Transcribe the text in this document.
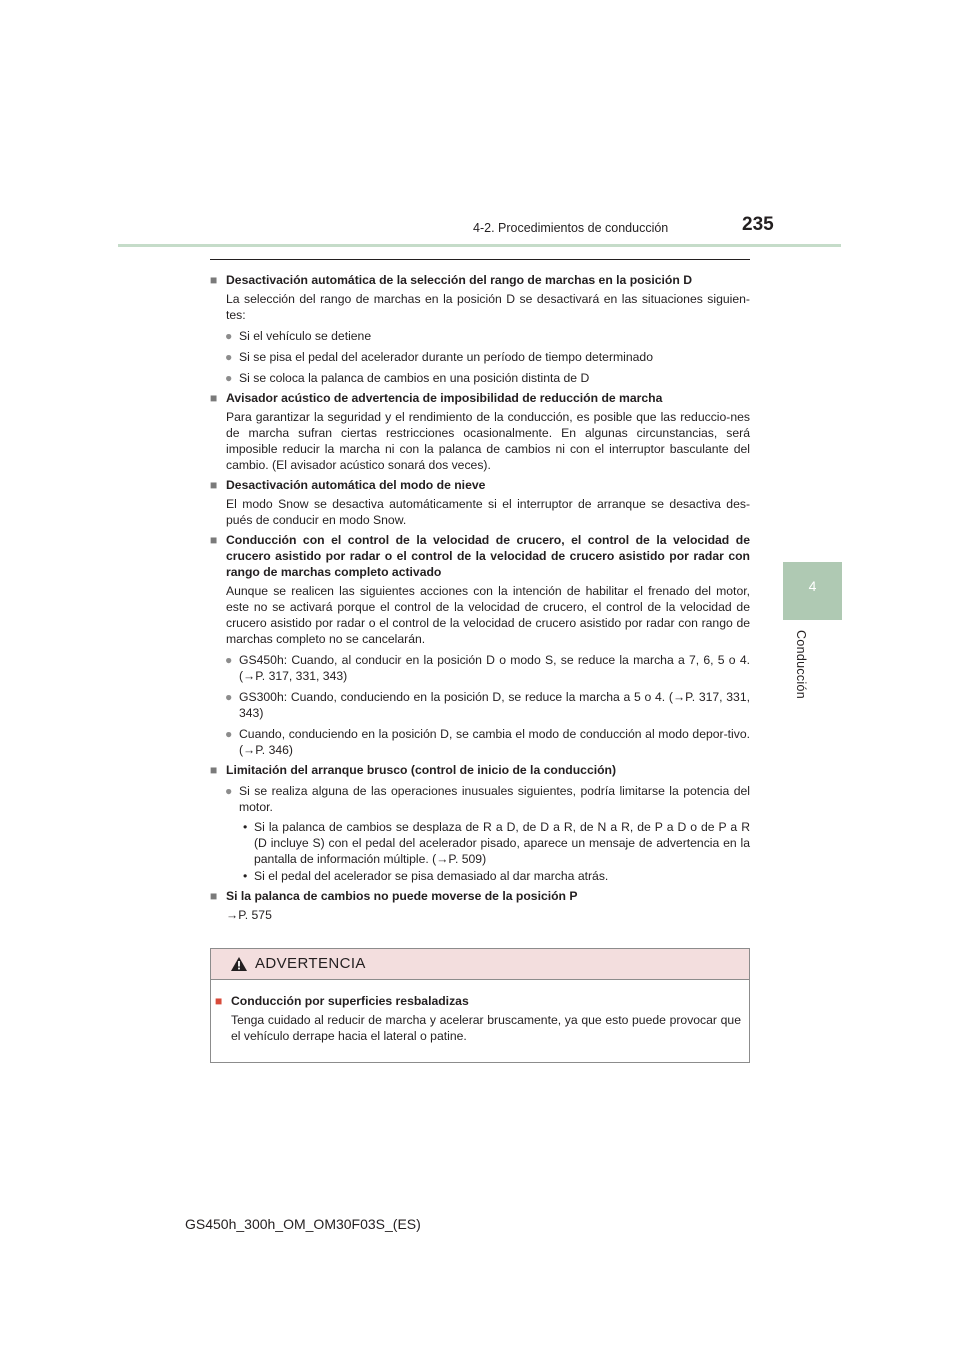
4-2. Procedimientos de conducción	235
4
Conducción
■ Desactivación automática de la selección del rango de marchas en la posición D
La selección del rango de marchas en la posición D se desactivará en las situaciones siguien-tes:
● Si el vehículo se detiene
● Si se pisa el pedal del acelerador durante un período de tiempo determinado
● Si se coloca la palanca de cambios en una posición distinta de D
■ Avisador acústico de advertencia de imposibilidad de reducción de marcha
Para garantizar la seguridad y el rendimiento de la conducción, es posible que las reduccio-nes de marcha sufran ciertas restricciones ocasionalmente. En algunas circunstancias, será imposible reducir la marcha ni con la palanca de cambios ni con el interruptor basculante del cambio. (El avisador acústico sonará dos veces).
■ Desactivación automática del modo de nieve
El modo Snow se desactiva automáticamente si el interruptor de arranque se desactiva des-pués de conducir en modo Snow.
■ Conducción con el control de la velocidad de crucero, el control de la velocidad de crucero asistido por radar o el control de la velocidad de crucero asistido por radar con rango de marchas completo activado
Aunque se realicen las siguientes acciones con la intención de habilitar el frenado del motor, este no se activará porque el control de la velocidad de crucero, el control de la velocidad de crucero asistido por radar o el control de la velocidad de crucero asistido por radar con rango de marchas completo no se cancelarán.
● GS450h: Cuando, al conducir en la posición D o modo S, se reduce la marcha a 7, 6, 5 o 4. (→P. 317, 331, 343)
● GS300h: Cuando, conduciendo en la posición D, se reduce la marcha a 5 o 4. (→P. 317, 331, 343)
● Cuando, conduciendo en la posición D, se cambia el modo de conducción al modo depor-tivo. (→P. 346)
■ Limitación del arranque brusco (control de inicio de la conducción)
● Si se realiza alguna de las operaciones inusuales siguientes, podría limitarse la potencia del motor.
• Si la palanca de cambios se desplaza de R a D, de D a R, de N a R, de P a D o de P a R (D incluye S) con el pedal del acelerador pisado, aparece un mensaje de advertencia en la pantalla de información múltiple. (→P. 509)
• Si el pedal del acelerador se pisa demasiado al dar marcha atrás.
■ Si la palanca de cambios no puede moverse de la posición P
→P. 575
ADVERTENCIA
■ Conducción por superficies resbaladizas
Tenga cuidado al reducir de marcha y acelerar bruscamente, ya que esto puede provocar que el vehículo derrape hacia el lateral o patine.
GS450h_300h_OM_OM30F03S_(ES)
